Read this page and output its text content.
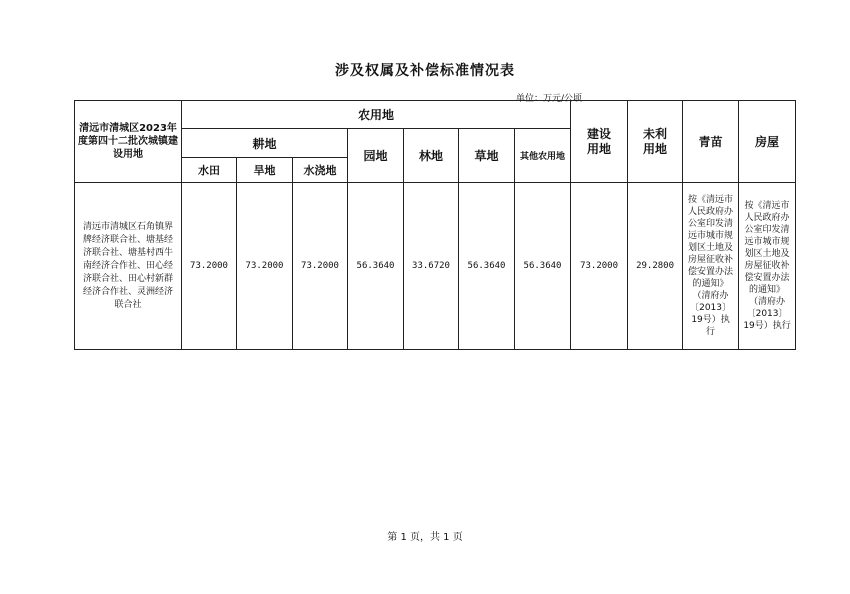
涉及权属及补偿标准情况表
单位：万元/公顷
清远市清城区2023年度第四十二批次城镇建设用地	农用地							建设用地	未利用地	青苗	房屋
	耕地			园地	林地	草地	其他农用地				
	水田	旱地	水浇地								
清远市清城区石角镇界牌经济联合社、塘基经济联合社、塘基村西牛南经济合作社、田心经济联合社、田心村新群经济合作社、灵洲经济联合社	73.2000	73.2000	73.2000	56.3640	33.6720	56.3640	56.3640	73.2000	29.2800	按《清远市人民政府办公室印发清远市城市规划区土地及房屋征收补偿安置办法的通知》（清府办〔2013〕19号）执行	按《清远市人民政府办公室印发清远市城市规划区土地及房屋征收补偿安置办法的通知》（清府办〔2013〕19号）执行
第 1 页，共 1 页
